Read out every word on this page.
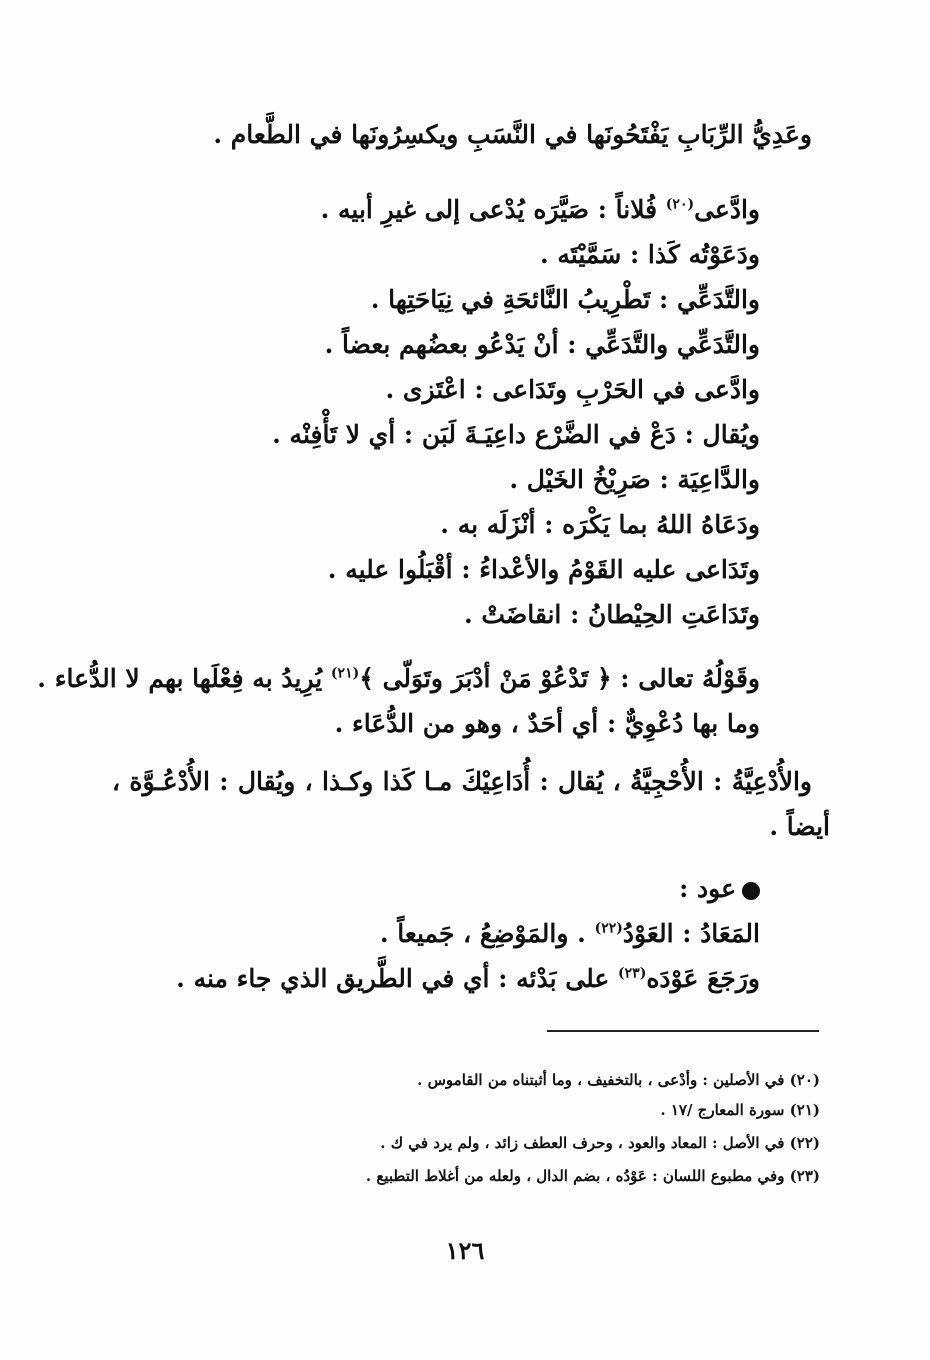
وعَدِيُّ الرِّبَابِ يَفْتَحُونَها في النَّسَبِ ويكسِرُونَها في الطَّعام .
وادَّعى$^{(٢٠)}$ فُلاناً : صَيَّرَه يُدْعى إلى غيرِ أبيه .
ودَعَوْتُه كَذا : سَمَّيْتَه .
والتَّدَعِّي : تَطْرِيبُ النَّائحَةِ في نِيَاحَتِها .
والتَّدَعِّي والتَّدَعِّي : أنْ يَدْعُو بعضُهم بعضاً .
وادَّعى في الحَرْبِ وتَدَاعى : اعْتَزى .
ويُقال : دَعْ في الضَّرْع داعِيَـةَ لَبَن : أي لا تَأْفِنْه .
والدَّاعِيَة : صَرِيْخُ الخَيْل .
ودَعَاهُ اللهُ بما يَكْرَه : أنْزَلَه به .
وتَدَاعى عليه القَوْمُ والأعْداءُ : أقْبَلُوا عليه .
وتَدَاعَتِ الحِيْطانُ : انقاضَتْ .
وقَوْلُهُ تعالى : ﴿ تَدْعُوْ مَنْ أدْبَرَ وتَوَلّى ﴾$^{(٢١)}$ يُرِيدُ به فِعْلَها بهم لا الدُّعاء .
وما بها دُعْوِيٌّ : أي أحَدٌ ، وهو من الدُّعَاء .
والأُدْعِيَّةُ : الأُحْجِيَّةُ ، يُقال : أُدَاعِيْكَ مـا كَذا وكـذا ، ويُقال : الأُدْعُـوَّة ،
أيضاً .
عود :
المَعَادُ : العَوْدُ$^{(٢٢)}$ . والمَوْضِعُ ، جَميعاً .
ورَجَعَ عَوْدَه$^{(٢٣)}$ على بَدْئه : أي في الطَّريق الذي جاء منه .
(٢٠) في الأصلين : وأدْعى ، بالتخفيف ، وما أثبتناه من القاموس .
(٢١) سورة المعارج /١٧ .
(٢٢) في الأصل : المعاد والعود ، وحرف العطف زائد ، ولم يرد في ك .
(٢٣) وفي مطبوع اللسان : عَوْدُه ، بضم الدال ، ولعله من أغلاط التطبيع .
١٢٦
